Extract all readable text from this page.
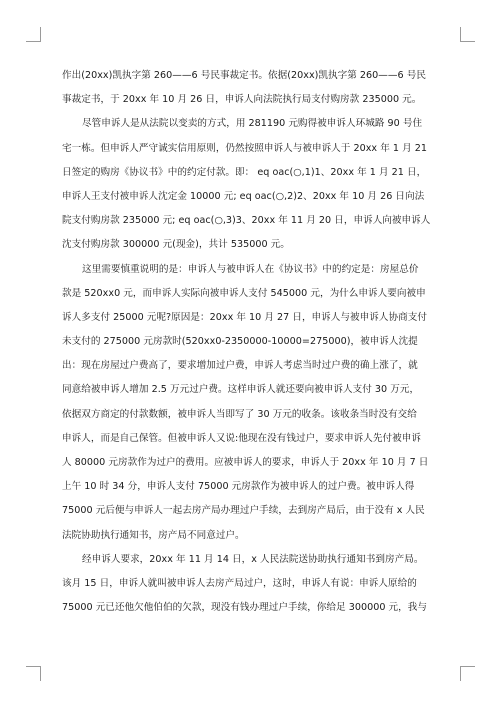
作出(20xx)凯执字第 260——6 号民事裁定书。依据(20xx)凯执字第 260——6 号民
事裁定书，于 20xx 年 10 月 26 日，申诉人向法院执行局支付购房款 235000 元。
尽管申诉人是从法院以变卖的方式，用 281190 元购得被申诉人环城路 90 号住
宅一栋。但申诉人严守诚实信用原则，仍然按照申诉人与被申诉人于 20xx 年 1 月 21
日签定的购房《协议书》中的约定付款。即： eq oac(○,1)1、20xx 年 1 月 21 日，
申诉人王支付被申诉人沈定金 10000 元; eq oac(○,2)2、20xx 年 10 月 26 日向法
院支付购房款 235000 元; eq oac(○,3)3、20xx 年 11 月 20 日，申诉人向被申诉人
沈支付购房款 300000 元(现金)，共计 535000 元。
这里需要慎重说明的是：申诉人与被申诉人在《协议书》中的约定是：房屋总价
款是 520xx0 元，而申诉人实际向被申诉人支付 545000 元，为什么申诉人要向被申
诉人多支付 25000 元呢?原因是：20xx 年 10 月 27 日，申诉人与被申诉人协商支付
未支付的 275000 元房款时(520xx0-2350000-10000=275000)，被申诉人沈提
出：现在房屋过户费高了，要求增加过户费，申诉人考虑当时过户费的确上涨了，就
同意给被申诉人增加 2.5 万元过户费。这样申诉人就还要向被申诉人支付 30 万元，
依据双方商定的付款数额，被申诉人当即写了 30 万元的收条。该收条当时没有交给
申诉人，而是自己保管。但被申诉人又说:他现在没有钱过户，要求申诉人先付被申诉
人 80000 元房款作为过户的费用。应被申诉人的要求，申诉人于 20xx 年 10 月 7 日
上午 10 时 34 分，申诉人支付 75000 元房款作为被申诉人的过户费。被申诉人得
75000 元后便与申诉人一起去房产局办理过户手续，去到房产局后，由于没有 x 人民
法院协助执行通知书，房产局不同意过户。
经申诉人要求，20xx 年 11 月 14 日，x 人民法院送协助执行通知书到房产局。
该月 15 日，申诉人就叫被申诉人去房产局过户，这时，申诉人有说：申诉人原给的
75000 元已还他欠他伯伯的欠款，现没有钱办理过户手续，你给足 300000 元，我与
